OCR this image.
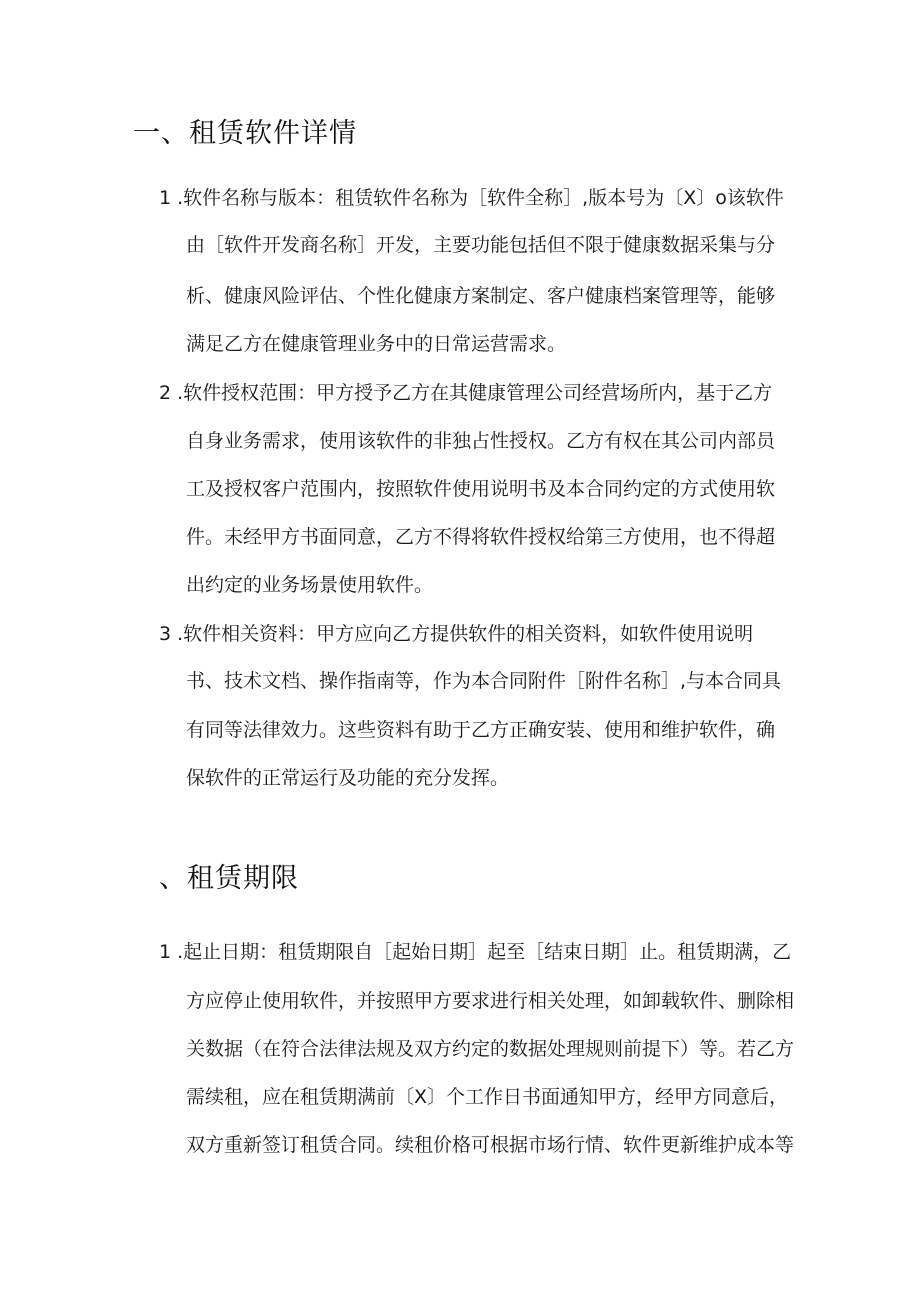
一、租赁软件详情
1 .软件名称与版本：租赁软件名称为［软件全称］,版本号为〔X〕o该软件
由［软件开发商名称］开发，主要功能包括但不限于健康数据采集与分
析、健康风险评估、个性化健康方案制定、客户健康档案管理等，能够
满足乙方在健康管理业务中的日常运营需求。
2 .软件授权范围：甲方授予乙方在其健康管理公司经营场所内，基于乙方
自身业务需求，使用该软件的非独占性授权。乙方有权在其公司内部员
工及授权客户范围内，按照软件使用说明书及本合同约定的方式使用软
件。未经甲方书面同意，乙方不得将软件授权给第三方使用，也不得超
出约定的业务场景使用软件。
3 .软件相关资料：甲方应向乙方提供软件的相关资料，如软件使用说明
书、技术文档、操作指南等，作为本合同附件［附件名称］,与本合同具
有同等法律效力。这些资料有助于乙方正确安装、使用和维护软件，确
保软件的正常运行及功能的充分发挥。
、租赁期限
1 .起止日期：租赁期限自［起始日期］起至［结束日期］止。租赁期满，乙
方应停止使用软件，并按照甲方要求进行相关处理，如卸载软件、删除相
关数据（在符合法律法规及双方约定的数据处理规则前提下）等。若乙方
需续租，应在租赁期满前〔X〕个工作日书面通知甲方，经甲方同意后，
双方重新签订租赁合同。续租价格可根据市场行情、软件更新维护成本等
